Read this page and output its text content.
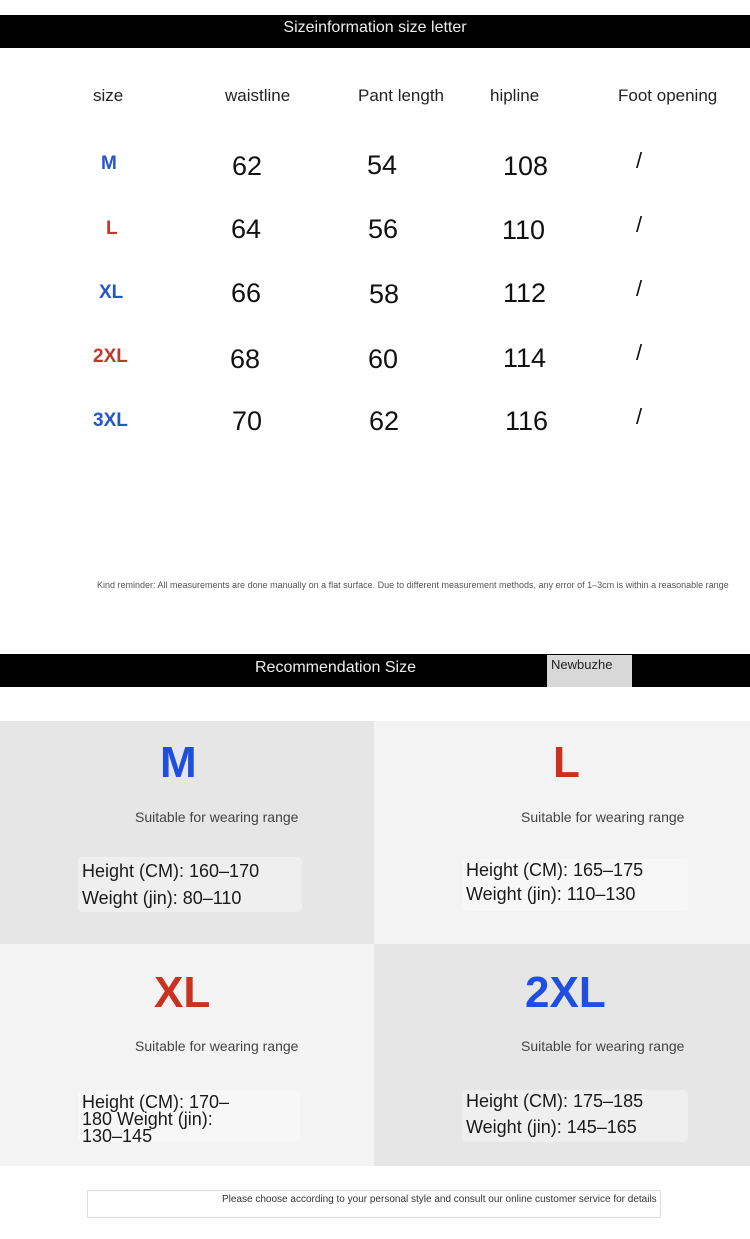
Sizeinformation size letter
size	waistline	Pant length	hipline	Foot opening
M	62	54	108	/
L	64	56	110	/
XL	66	58	112	/
2XL	68	60	114	/
3XL	70	62	116	/
Kind reminder: All measurements are done manually on a flat surface. Due to different measurement methods, any error of 1–3cm is within a reasonable range
Recommendation Size	Newbuzhe
M
Suitable for wearing range
Height (CM): 160–170
Weight (jin): 80–110
L
Suitable for wearing range
Height (CM): 165–175
Weight (jin): 110–130
XL
Suitable for wearing range
Height (CM): 170–180 Weight (jin): 130–145
2XL
Suitable for wearing range
Height (CM): 175–185
Weight (jin): 145–165
Please choose according to your personal style and consult our online customer service for details
